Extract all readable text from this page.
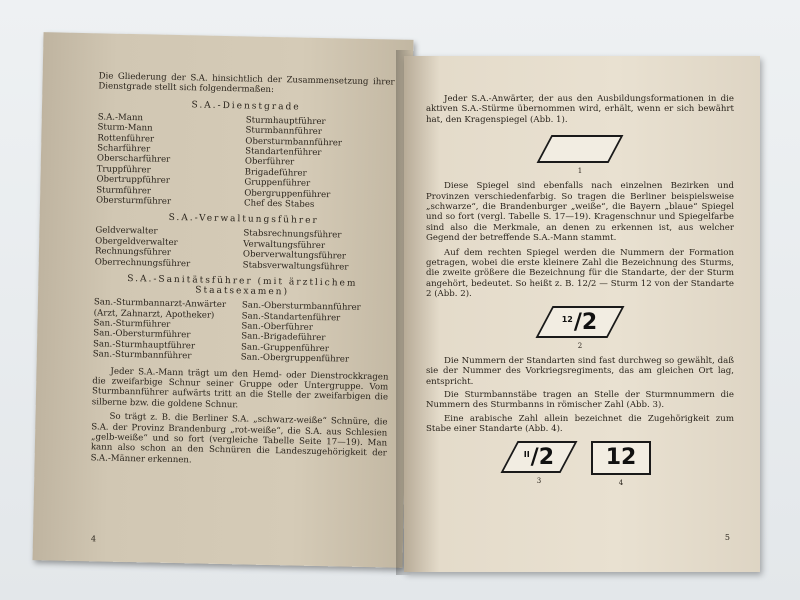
Die Gliederung der S.A. hinsichtlich der Zusammensetzung ihrer Dienstgrade stellt sich folgendermaßen:

S.A.-Dienstgrade
S.A.-Mann
Sturm-Mann
Rottenführer
Scharführer
Oberscharführer
Truppführer
Obertruppführer
Sturmführer
Obersturmführer
Sturmhauptführer
Sturmbannführer
Obersturmbannführer
Standartenführer
Oberführer
Brigadeführer
Gruppenführer
Obergruppenführer
Chef des Stabes
S.A.-Verwaltungsführer
Geldverwalter
Obergeldverwalter
Rechnungsführer
Oberrechnungsführer
Stabsrechnungsführer
Verwaltungsführer
Oberverwaltungsführer
Stabsverwaltungsführer
S.A.-Sanitätsführer (mit ärztlichem Staatsexamen)
San.-Sturmbannarzt-Anwärter
(Arzt, Zahnarzt, Apotheker)
San.-Sturmführer
San.-Obersturmführer
San.-Sturmhauptführer
San.-Sturmbannführer
San.-Obersturmbannführer
San.-Standartenführer
San.-Oberführer
San.-Brigadeführer
San.-Gruppenführer
San.-Obergruppenführer

Jeder S.A.-Mann trägt um den Hemd- oder Dienstrockkragen die zweifarbige Schnur seiner Gruppe oder Untergruppe. Vom Sturmbannführer aufwärts tritt an die Stelle der zweifarbigen die silberne bzw. die goldene Schnur.

So trägt z. B. die Berliner S.A. „schwarz-weiße“ Schnüre, die S.A. der Provinz Brandenburg „rot-weiße“, die S.A. aus Schlesien „gelb-weiße“ und so fort (vergleiche Tabelle Seite 17—19). Man kann also schon an den Schnüren die Landeszugehörigkeit der S.A.-Männer erkennen.

4

Jeder S.A.-Anwärter, der aus den Ausbildungsformationen in die aktiven S.A.-Stürme übernommen wird, erhält, wenn er sich bewährt hat, den Kragenspiegel (Abb. 1).

1

Diese Spiegel sind ebenfalls nach einzelnen Bezirken und Provinzen verschiedenfarbig. So tragen die Berliner beispielsweise „schwarze“, die Brandenburger „weiße“, die Bayern „blaue“ Spiegel und so fort (vergl. Tabelle S. 17—19). Kragenschnur und Spiegelfarbe sind also die Merkmale, an denen zu erkennen ist, aus welcher Gegend der betreffende S.A.-Mann stammt.

Auf dem rechten Spiegel werden die Nummern der Formation getragen, wobei die erste kleinere Zahl die Bezeichnung des Sturms, die zweite größere die Bezeichnung für die Standarte, der der Sturm angehört, bedeutet. So heißt z. B. 12/2 — Sturm 12 von der Standarte 2 (Abb. 2).

$^{12}$/2
2

Die Nummern der Standarten sind fast durchweg so gewählt, daß sie der Nummer des Vorkriegsregiments, das am gleichen Ort lag, entspricht.

Die Sturmbannstäbe tragen an Stelle der Sturmnummern die Nummern des Sturmbanns in römischer Zahl (Abb. 3).

Eine arabische Zahl allein bezeichnet die Zugehörigkeit zum Stabe einer Standarte (Abb. 4).

$^{II}$/2
3
12
4
5
